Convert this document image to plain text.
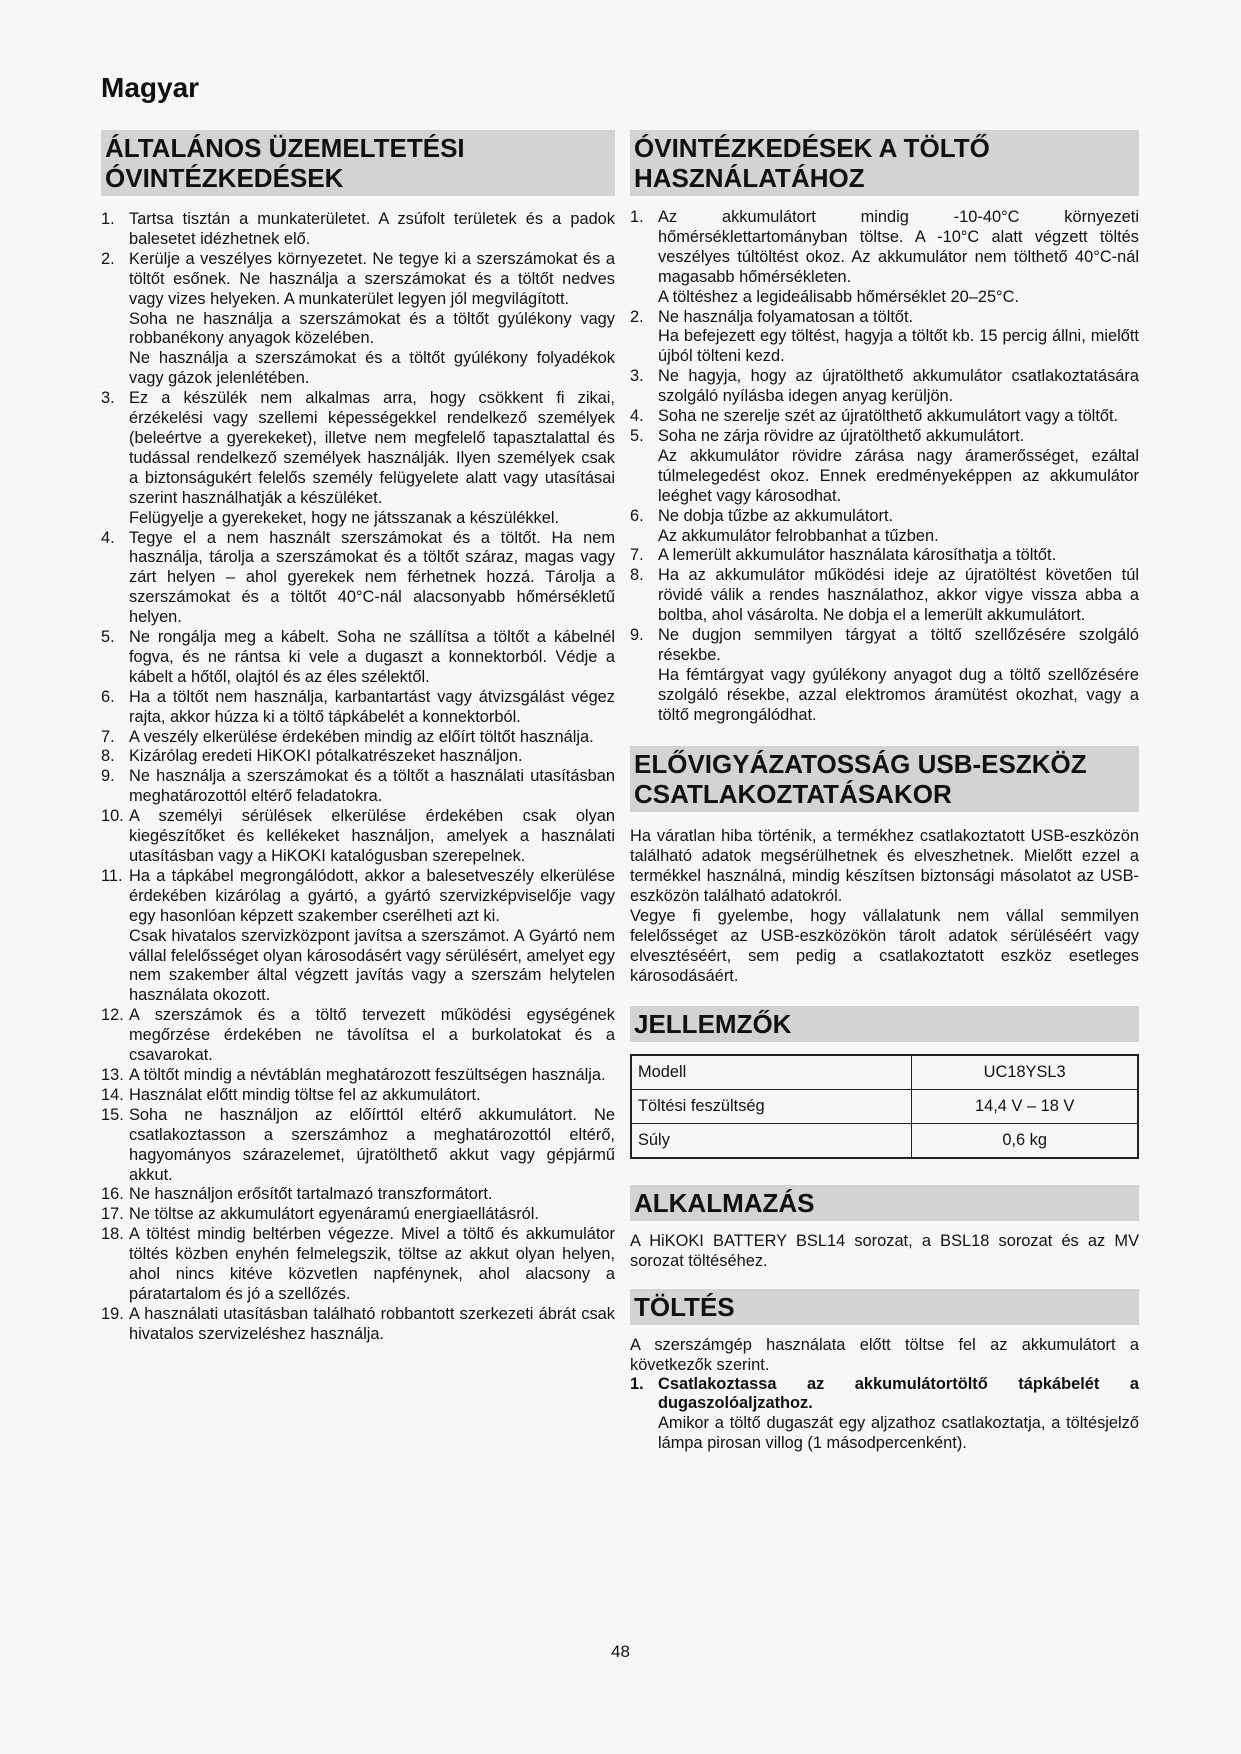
Magyar
ÁLTALÁNOS ÜZEMELTETÉSI ÓVINTÉZKEDÉSEK
1. Tartsa tisztán a munkaterületet. A zsúfolt területek és a padok balesetet idézhetnek elő.
2. Kerülje a veszélyes környezetet. Ne tegye ki a szerszámokat és a töltőt esőnek. Ne használja a szerszámokat és a töltőt nedves vagy vizes helyeken. A munkaterület legyen jól megvilágított.
Soha ne használja a szerszámokat és a töltőt gyúlékony vagy robbanékony anyagok közelében.
Ne használja a szerszámokat és a töltőt gyúlékony folyadékok vagy gázok jelenlétében.
3. Ez a készülék nem alkalmas arra, hogy csökkent fi zikai, érzékelési vagy szellemi képességekkel rendelkező személyek (beleértve a gyerekeket), illetve nem megfelelő tapasztalattal és tudással rendelkező személyek használják. Ilyen személyek csak a biztonságukért felelős személy felügyelete alatt vagy utasításai szerint használhatják a készüléket.
Felügyelje a gyerekeket, hogy ne játsszanak a készülékkel.
4. Tegye el a nem használt szerszámokat és a töltőt. Ha nem használja, tárolja a szerszámokat és a töltőt száraz, magas vagy zárt helyen – ahol gyerekek nem férhetnek hozzá. Tárolja a szerszámokat és a töltőt 40°C-nál alacsonyabb hőmérsékletű helyen.
5. Ne rongálja meg a kábelt. Soha ne szállítsa a töltőt a kábelnél fogva, és ne rántsa ki vele a dugaszt a konnektorból. Védje a kábelt a hőtől, olajtól és az éles szélektől.
6. Ha a töltőt nem használja, karbantartást vagy átvizsgálást végez rajta, akkor húzza ki a töltő tápkábelét a konnektorból.
7. A veszély elkerülése érdekében mindig az előírt töltőt használja.
8. Kizárólag eredeti HiKOKI pótalkatrészeket használjon.
9. Ne használja a szerszámokat és a töltőt a használati utasításban meghatározottól eltérő feladatokra.
10. A személyi sérülések elkerülése érdekében csak olyan kiegészítőket és kellékeket használjon, amelyek a használati utasításban vagy a HiKOKI katalógusban szerepelnek.
11. Ha a tápkábel megrongálódott, akkor a balesetveszély elkerülése érdekében kizárólag a gyártó, a gyártó szervizképviselője vagy egy hasonlóan képzett szakember cserélheti azt ki.
Csak hivatalos szervizközpont javítsa a szerszámot. A Gyártó nem vállal felelősséget olyan károsodásért vagy sérülésért, amelyet egy nem szakember által végzett javítás vagy a szerszám helytelen használata okozott.
12. A szerszámok és a töltő tervezett működési egységének megőrzése érdekében ne távolítsa el a burkolatokat és a csavarokat.
13. A töltőt mindig a névtáblán meghatározott feszültségen használja.
14. Használat előtt mindig töltse fel az akkumulátort.
15. Soha ne használjon az előírttól eltérő akkumulátort. Ne csatlakoztasson a szerszámhoz a meghatározottól eltérő, hagyományos szárazelemet, újratölthető akkut vagy gépjármű akkut.
16. Ne használjon erősítőt tartalmazó transzformátort.
17. Ne töltse az akkumulátort egyenáramú energiaellátásról.
18. A töltést mindig beltérben végezze. Mivel a töltő és akkumulátor töltés közben enyhén felmelegszik, töltse az akkut olyan helyen, ahol nincs kitéve közvetlen napfénynek, ahol alacsony a páratartalom és jó a szellőzés.
19. A használati utasításban található robbantott szerkezeti ábrát csak hivatalos szervizeléshez használja.
ÓVINTÉZKEDÉSEK A TÖLTŐ HASZNÁLATÁHOZ
1. Az akkumulátort mindig -10-40°C környezeti hőmérséklettartományban töltse. A -10°C alatt végzett töltés veszélyes túltöltést okoz. Az akkumulátor nem tölthető 40°C-nál magasabb hőmérsékleten.
A töltéshez a legideálisabb hőmérséklet 20–25°C.
2. Ne használja folyamatosan a töltőt.
Ha befejezett egy töltést, hagyja a töltőt kb. 15 percig állni, mielőtt újból tölteni kezd.
3. Ne hagyja, hogy az újratölthető akkumulátor csatlakoztatására szolgáló nyílásba idegen anyag kerüljön.
4. Soha ne szerelje szét az újratölthető akkumulátort vagy a töltőt.
5. Soha ne zárja rövidre az újratölthető akkumulátort.
Az akkumulátor rövidre zárása nagy áramerősséget, ezáltal túlmelegedést okoz. Ennek eredményeképpen az akkumulátor leéghet vagy károsodhat.
6. Ne dobja tűzbe az akkumulátort.
Az akkumulátor felrobbanhat a tűzben.
7. A lemerült akkumulátor használata károsíthatja a töltőt.
8. Ha az akkumulátor működési ideje az újratöltést követően túl rövidé válik a rendes használathoz, akkor vigye vissza abba a boltba, ahol vásárolta. Ne dobja el a lemerült akkumulátort.
9. Ne dugjon semmilyen tárgyat a töltő szellőzésére szolgáló résekbe.
Ha fémtárgyat vagy gyúlékony anyagot dug a töltő szellőzésére szolgáló résekbe, azzal elektromos áramütést okozhat, vagy a töltő megrongálódhat.
ELŐVIGYÁZATOSSÁG USB-ESZKÖZ CSATLAKOZTATÁSAKOR

Ha váratlan hiba történik, a termékhez csatlakoztatott USB-eszközön található adatok megsérülhetnek és elveszhetnek. Mielőtt ezzel a termékkel használná, mindig készítsen biztonsági másolatot az USB-eszközön található adatokról.

Vegye fi gyelembe, hogy vállalatunk nem vállal semmilyen felelősséget az USB-eszközökön tárolt adatok sérüléséért vagy elvesztéséért, sem pedig a csatlakoztatott eszköz esetleges károsodásáért.

JELLEMZŐK
Modell	UC18YSL3
Töltési feszültség	14,4 V – 18 V
Súly	0,6 kg
ALKALMAZÁS

A HiKOKI BATTERY BSL14 sorozat, a BSL18 sorozat és az MV sorozat töltéséhez.

TÖLTÉS

A szerszámgép használata előtt töltse fel az akkumulátort a következők szerint.

1. Csatlakoztassa az akkumulátortöltő tápkábelét a dugaszolóaljzathoz.
Amikor a töltő dugaszát egy aljzathoz csatlakoztatja, a töltésjelző lámpa pirosan villog (1 másodpercenként).
48
